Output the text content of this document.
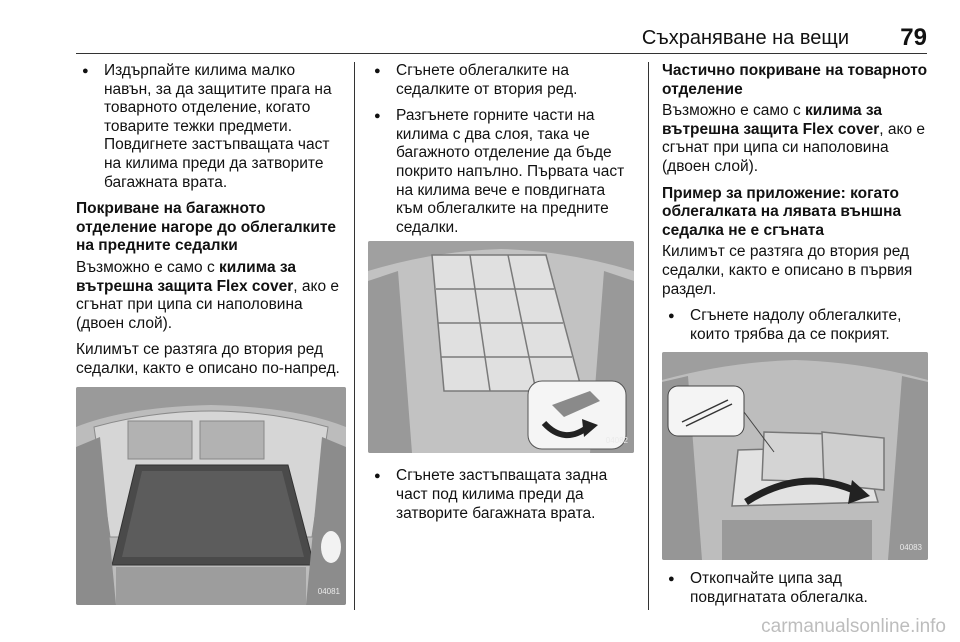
Съхраняване на вещи 79
● Издърпайте килима малко навън, за да защитите прага на товарното отделение, когато товарите тежки предмети. Повдигнете застъпващата част на килима преди да затворите багажната врата.
Покриване на багажното отделение нагоре до облегалките на предните седалки

Възможно е само с килима за вътрешна защита Flex cover, ако е сгънат при ципа си наполовина (двоен слой).

Килимът се разтяга до втория ред седалки, както е описано по-напред.

04081
● Сгънете облегалките на седалките от втория ред.
● Разгънете горните части на килима с два слоя, така че багажното отделение да бъде покрито напълно. Първата част на килима вече е повдигната към облегалките на предните седалки.
04082
● Сгънете застъпващата задна част под килима преди да затворите багажната врата.
Частично покриване на товарното отделение

Възможно е само с килима за вътрешна защита Flex cover, ако е сгънат при ципа си наполовина (двоен слой).

Пример за приложение: когато облегалката на лявата външна седалка не е сгъната

Килимът се разтяга до втория ред седалки, както е описано в първия раздел.

● Сгънете надолу облегалките, които трябва да се покрият.
04083
● Откопчайте ципа зад повдигнатата облегалка.
carmanualsonline.info
